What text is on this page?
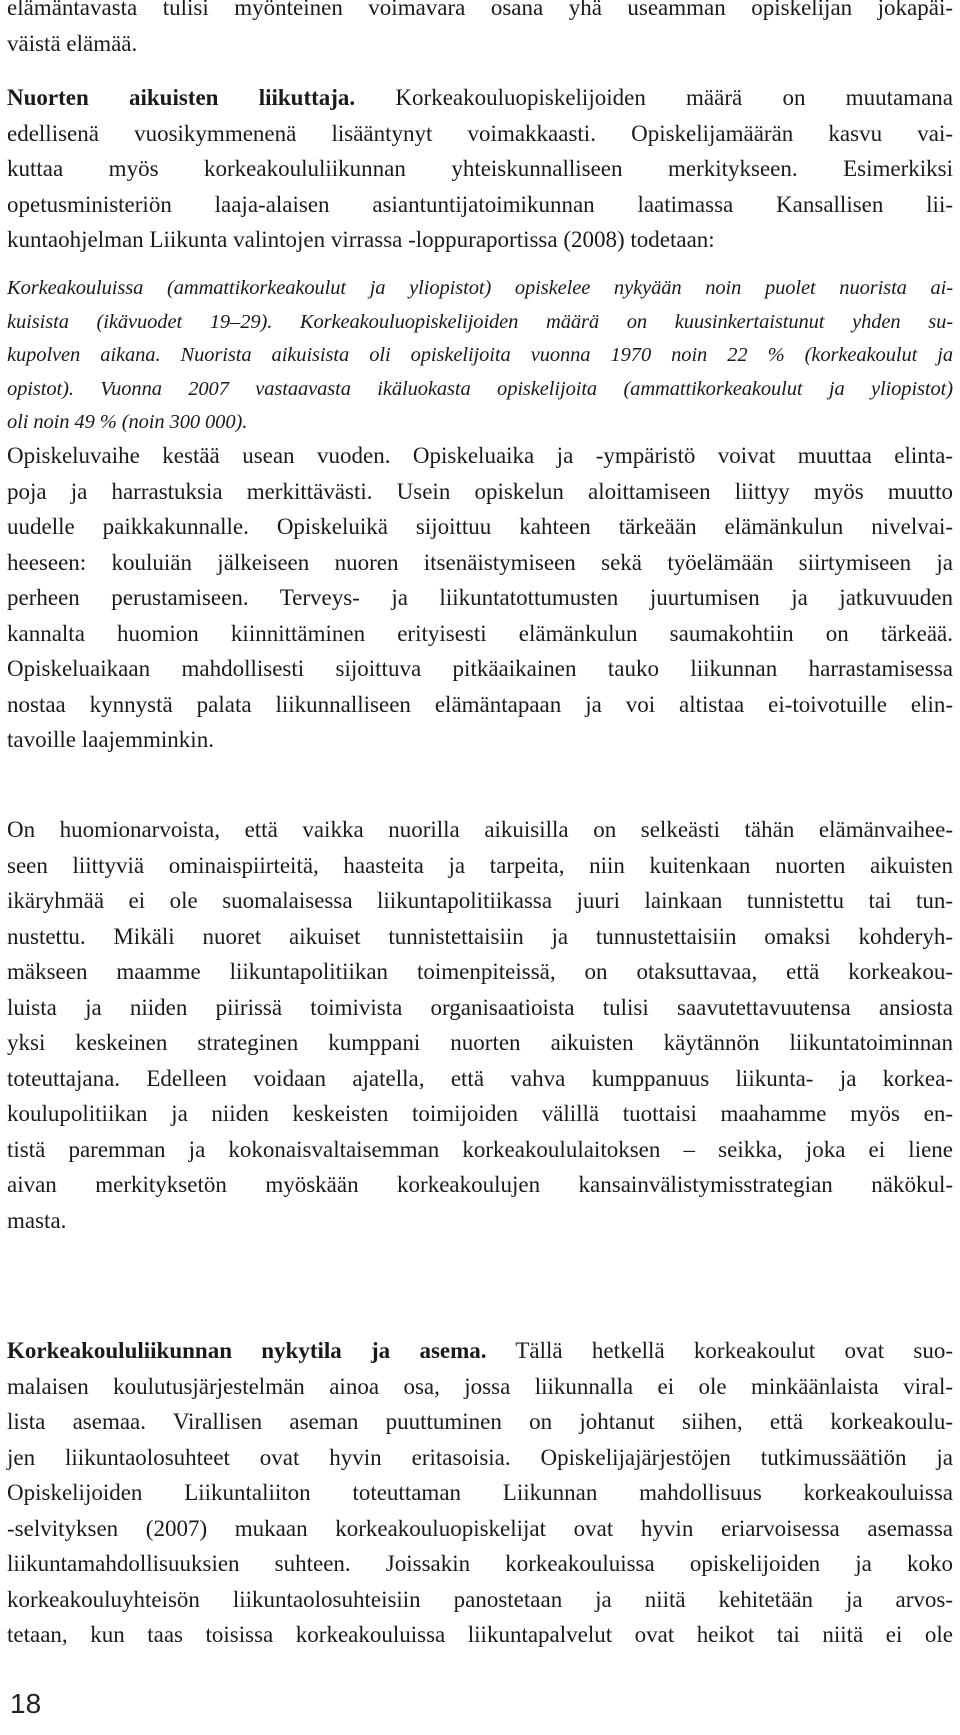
elämäntavasta tulisi myönteinen voimavara osana yhä useamman opiskelijan jokapäi-
väistä elämää.

Nuorten aikuisten liikuttaja. Korkeakouluopiskelijoiden määrä on muutamana
edellisenä vuosikymmenenä lisääntynyt voimakkaasti. Opiskelijamäärän kasvu vai-
kuttaa myös korkeakoululiikunnan yhteiskunnalliseen merkitykseen. Esimerkiksi
opetusministeriön laaja-alaisen asiantuntijatoimikunnan laatimassa Kansallisen lii-
kuntaohjelman Liikunta valintojen virrassa -loppuraportissa (2008) todetaan:

Korkeakouluissa (ammattikorkeakoulut ja yliopistot) opiskelee nykyään noin puolet nuorista ai-
kuisista (ikävuodet 19–29). Korkeakouluopiskelijoiden määrä on kuusinkertaistunut yhden su-
kupolven aikana. Nuorista aikuisista oli opiskelijoita vuonna 1970 noin 22 % (korkeakoulut ja
opistot). Vuonna 2007 vastaavasta ikäluokasta opiskelijoita (ammattikorkeakoulut ja yliopistot)
oli noin 49 % (noin 300 000).

Opiskeluvaihe kestää usean vuoden. Opiskeluaika ja -ympäristö voivat muuttaa elinta-
poja ja harrastuksia merkittävästi. Usein opiskelun aloittamiseen liittyy myös muutto
uudelle paikkakunnalle. Opiskeluikä sijoittuu kahteen tärkeään elämänkulun nivelvai-
heeseen: kouluiän jälkeiseen nuoren itsenäistymiseen sekä työelämään siirtymiseen ja
perheen perustamiseen. Terveys- ja liikuntatottumusten juurtumisen ja jatkuvuuden
kannalta huomion kiinnittäminen erityisesti elämänkulun saumakohtiin on tärkeää.
Opiskeluaikaan mahdollisesti sijoittuva pitkäaikainen tauko liikunnan harrastamisessa
nostaa kynnystä palata liikunnalliseen elämäntapaan ja voi altistaa ei-toivotuille elin-
tavoille laajemminkin.

On huomionarvoista, että vaikka nuorilla aikuisilla on selkeästi tähän elämänvaihee-
seen liittyviä ominaispiirteitä, haasteita ja tarpeita, niin kuitenkaan nuorten aikuisten
ikäryhmää ei ole suomalaisessa liikuntapolitiikassa juuri lainkaan tunnistettu tai tun-
nustettu. Mikäli nuoret aikuiset tunnistettaisiin ja tunnustettaisiin omaksi kohderyh-
mäkseen maamme liikuntapolitiikan toimenpiteissä, on otaksuttavaa, että korkeakou-
luista ja niiden piirissä toimivista organisaatioista tulisi saavutettavuutensa ansiosta
yksi keskeinen strateginen kumppani nuorten aikuisten käytännön liikuntatoiminnan
toteuttajana. Edelleen voidaan ajatella, että vahva kumppanuus liikunta- ja korkea-
koulupolitiikan ja niiden keskeisten toimijoiden välillä tuottaisi maahamme myös en-
tistä paremman ja kokonaisvaltaisemman korkeakoululaitoksen – seikka, joka ei liene
aivan merkityksetön myöskään korkeakoulujen kansainvälistymisstrategian näkökul-
masta.

Korkeakoululiikunnan nykytila ja asema. Tällä hetkellä korkeakoulut ovat suo-
malaisen koulutusjärjestelmän ainoa osa, jossa liikunnalla ei ole minkäänlaista viral-
lista asemaa. Virallisen aseman puuttuminen on johtanut siihen, että korkeakoulu-
jen liikuntaolosuhteet ovat hyvin eritasoisia. Opiskelijajärjestöjen tutkimussäätiön ja
Opiskelijoiden Liikuntaliiton toteuttaman Liikunnan mahdollisuus korkeakouluissa
-selvityksen (2007) mukaan korkeakouluopiskelijat ovat hyvin eriarvoisessa asemassa
liikuntamahdollisuuksien suhteen. Joissakin korkeakouluissa opiskelijoiden ja koko
korkeakouluyhteisön liikuntaolosuhteisiin panostetaan ja niitä kehitetään ja arvos-
tetaan, kun taas toisissa korkeakouluissa liikuntapalvelut ovat heikot tai niitä ei ole

18
